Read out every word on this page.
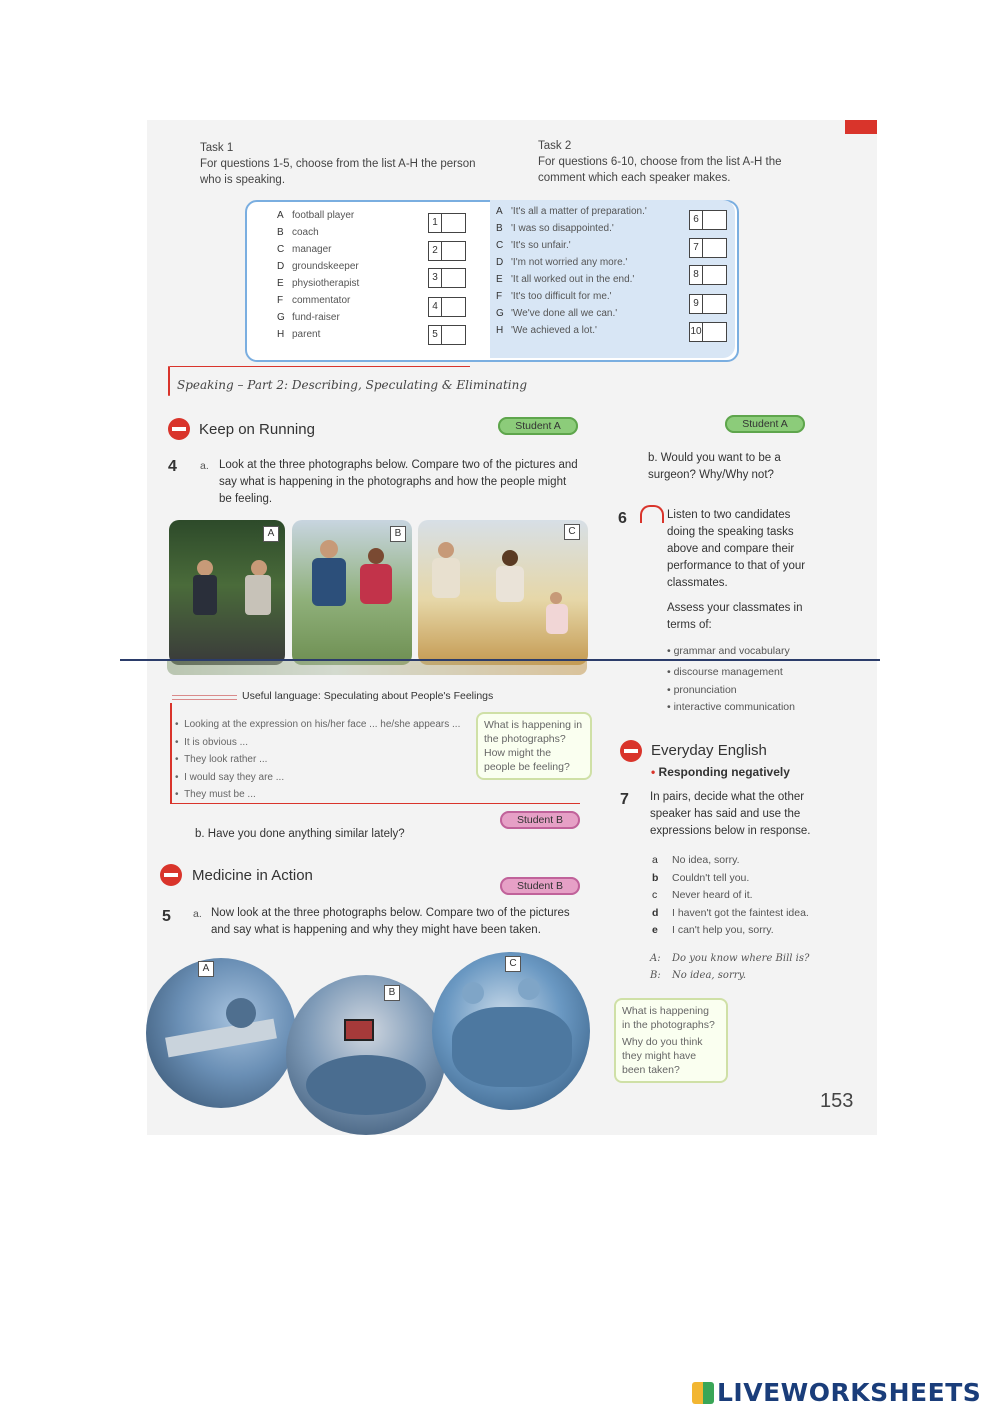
Task 1
For questions 1-5, choose from the list A-H the person who is speaking.
Task 2
For questions 6-10, choose from the list A-H the comment which each speaker makes.
A football player
B coach
C manager
D groundskeeper
E physiotherapist
F commentator
G fund-raiser
H parent
1
2
3
4
5
A 'It's all a matter of preparation.'
B 'I was so disappointed.'
C 'It's so unfair.'
D 'I'm not worried any more.'
E 'It all worked out in the end.'
F 'It's too difficult for me.'
G 'We've done all we can.'
H 'We achieved a lot.'
6
7
8
9
10
Speaking – Part 2: Describing, Speculating & Eliminating
Keep on Running	Student A
4 a. Look at the three photographs below. Compare two of the pictures and say what is happening in the photographs and how the people might be feeling.
A	B	C
Useful language: Speculating about People's Feelings
•  Looking at the expression on his/her face ... he/she appears ...
•  It is obvious ...
•  They look rather ...
•  I would say they are ...
•  They must be ...
What is happening in the photographs? How might the people be feeling?
Student B
b. Have you done anything similar lately?
Medicine in Action
Student B
5 a. Now look at the three photographs below. Compare two of the pictures and say what is happening and why they might have been taken.
A
B
C
Student A
b. Would you want to be a surgeon? Why/Why not?
6	Listen to two candidates doing the speaking tasks above and compare their performance to that of your classmates.
Assess your classmates in terms of:
• grammar and vocabulary
• discourse management
• pronunciation
• interactive communication
Everyday English
• Responding negatively
7 In pairs, decide what the other speaker has said and use the expressions below in response.
a No idea, sorry.
b Couldn't tell you.
c Never heard of it.
d I haven't got the faintest idea.
e I can't help you, sorry.
A: Do you know where Bill is?
B: No idea, sorry.
What is happening in the photographs?
Why do you think they might have been taken?
153
LIVEWORKSHEETS
